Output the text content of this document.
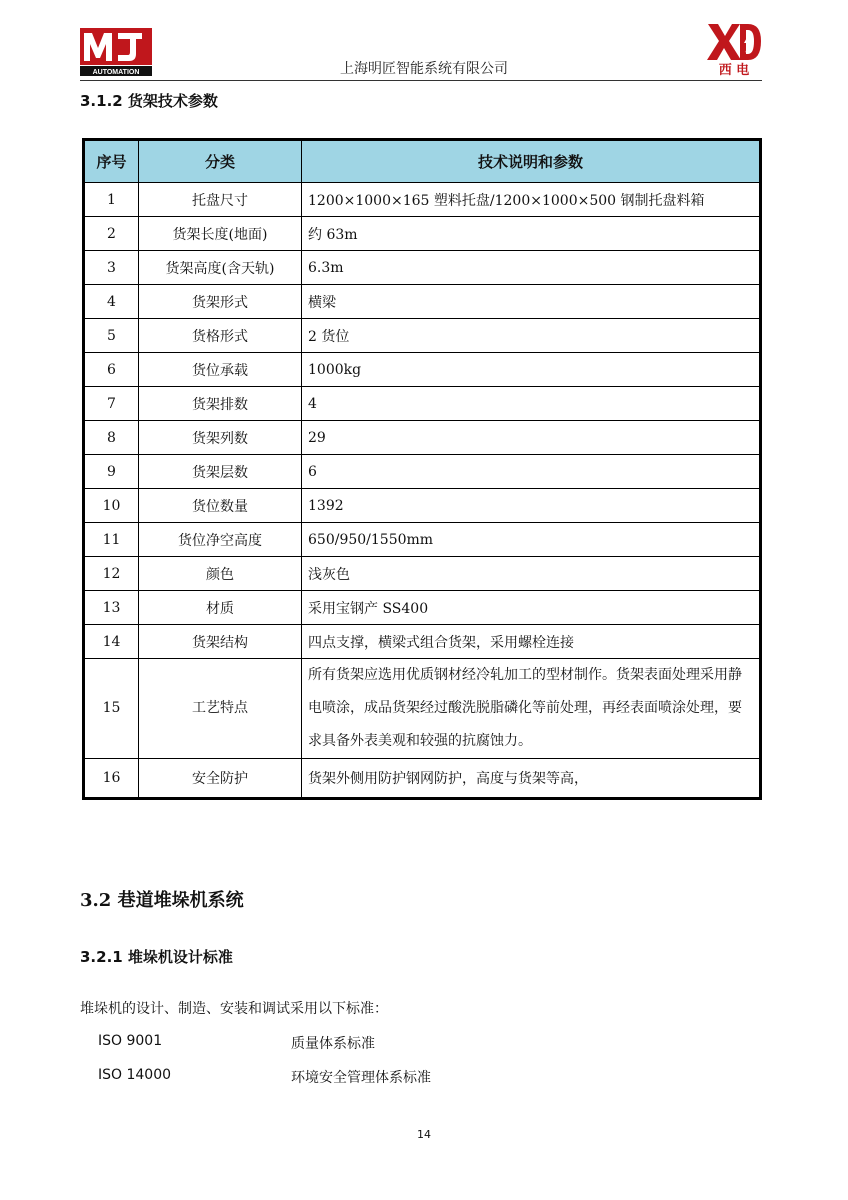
AUTOMATION	上海明匠智能系统有限公司	西 电
3.1.2 货架技术参数
序号	分类	技术说明和参数
1	托盘尺寸	1200×1000×165 塑料托盘/1200×1000×500 钢制托盘料箱
2	货架长度(地面)	约 63m
3	货架高度(含天轨)	6.3m
4	货架形式	横梁
5	货格形式	2 货位
6	货位承载	1000kg
7	货架排数	4
8	货架列数	29
9	货架层数	6
10	货位数量	1392
11	货位净空高度	650/950/1550mm
12	颜色	浅灰色
13	材质	采用宝钢产 SS400
14	货架结构	四点支撑，横梁式组合货架，采用螺栓连接
15	工艺特点	所有货架应选用优质钢材经冷轧加工的型材制作。货架表面处理采用静电喷涂，成品货架经过酸洗脱脂磷化等前处理，再经表面喷涂处理，要求具备外表美观和较强的抗腐蚀力。
16	安全防护	货架外侧用防护钢网防护，高度与货架等高，
3.2 巷道堆垛机系统
3.2.1 堆垛机设计标准
堆垛机的设计、制造、安装和调试采用以下标准：
ISO 9001	质量体系标准
ISO 14000	环境安全管理体系标准
14
